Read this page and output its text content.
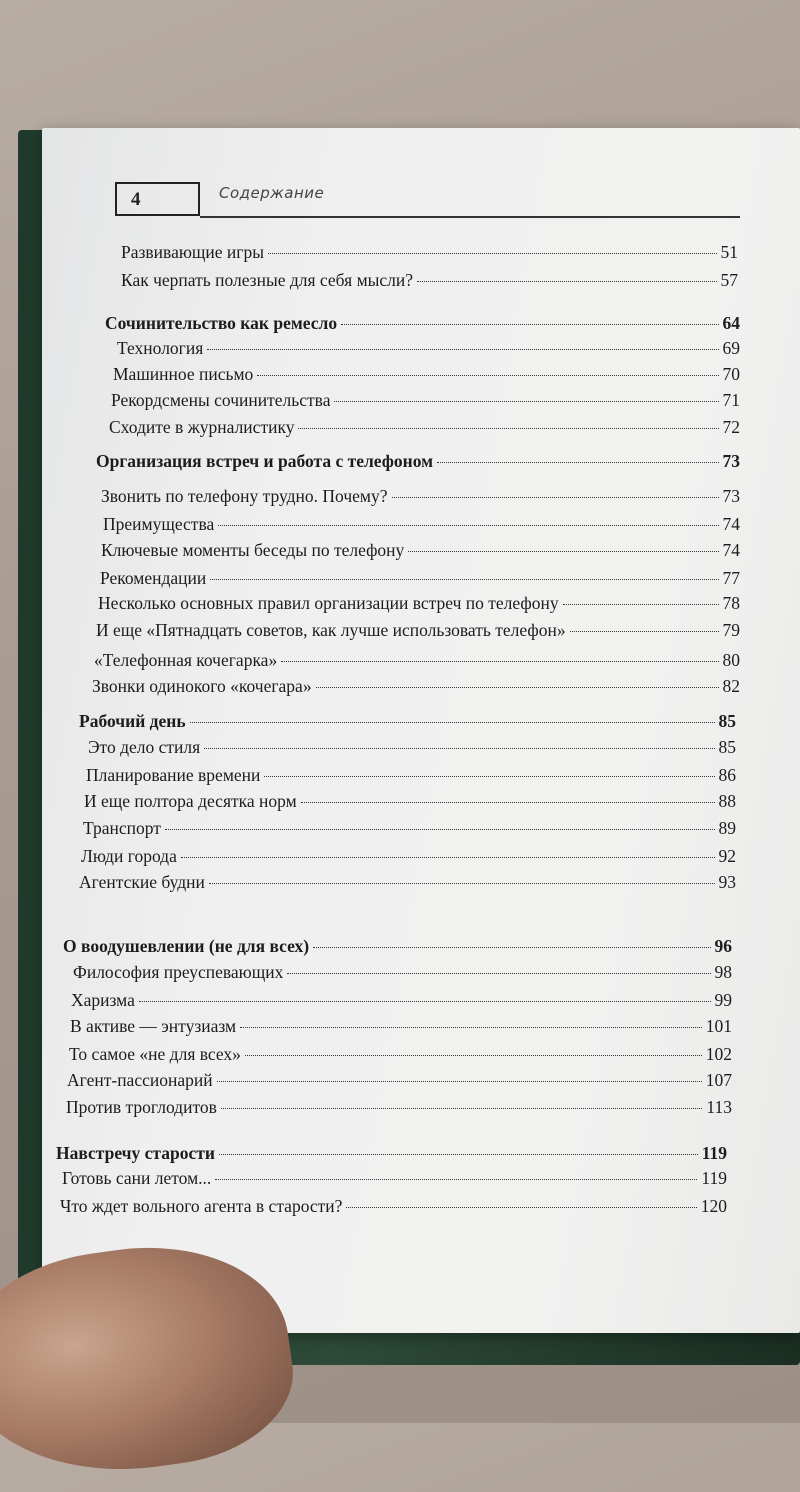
4	Содержание
Развивающие игры	51
Как черпать полезные для себя мысли?	57
Сочинительство как ремесло	64
Технология	69
Машинное письмо	70
Рекордсмены сочинительства	71
Сходите в журналистику	72
Организация встреч и работа с телефоном	73
Звонить по телефону трудно. Почему?	73
Преимущества	74
Ключевые моменты беседы по телефону	74
Рекомендации	77
Несколько основных правил организации встреч по телефону	78
И еще «Пятнадцать советов, как лучше использовать телефон»	79
«Телефонная кочегарка»	80
Звонки одинокого «кочегара»	82
Рабочий день	85
Это дело стиля	85
Планирование времени	86
И еще полтора десятка норм	88
Транспорт	89
Люди города	92
Агентские будни	93
О воодушевлении (не для всех)	96
Философия преуспевающих	98
Харизма	99
В активе — энтузиазм	101
То самое «не для всех»	102
Агент-пассионарий	107
Против троглодитов	113
Навстречу старости	119
Готовь сани летом...	119
Что ждет вольного агента в старости?	120
